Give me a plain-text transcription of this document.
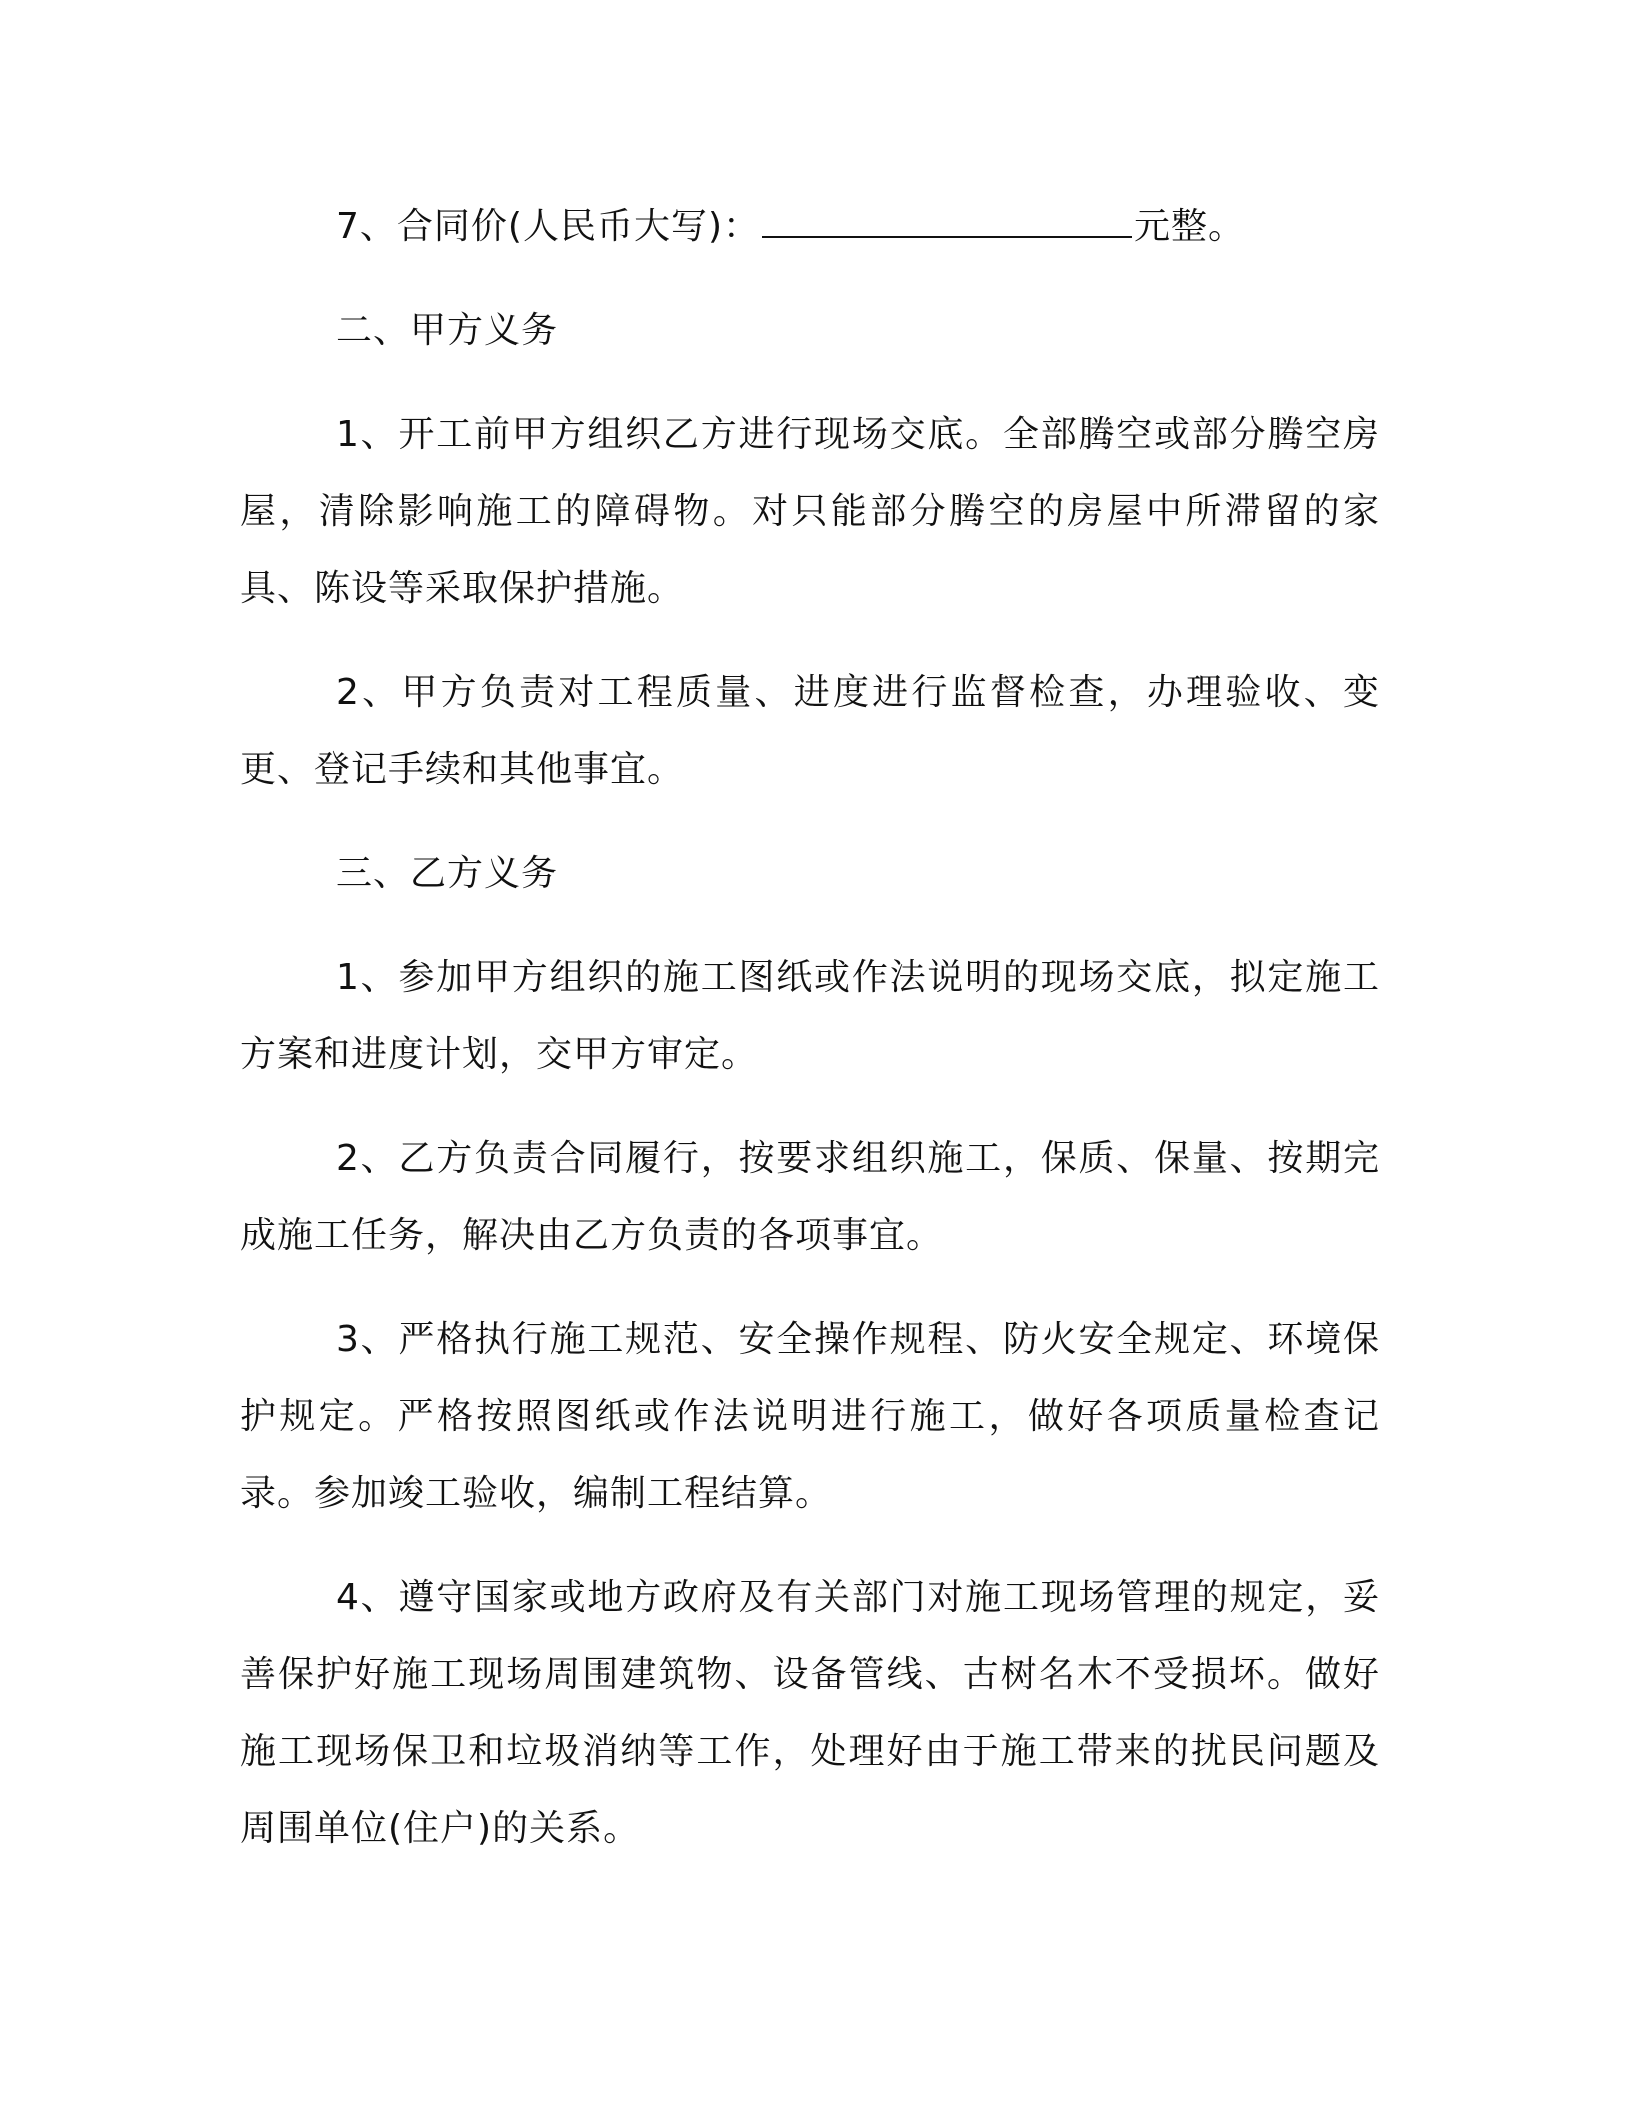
7、合同价(人民币大写)：	元整。

二、甲方义务

1、开工前甲方组织乙方进行现场交底。全部腾空或部分腾空房屋，清除影响施工的障碍物。对只能部分腾空的房屋中所滞留的家具、陈设等采取保护措施。

2、甲方负责对工程质量、进度进行监督检查，办理验收、变更、登记手续和其他事宜。

三、乙方义务

1、参加甲方组织的施工图纸或作法说明的现场交底，拟定施工方案和进度计划，交甲方审定。

2、乙方负责合同履行，按要求组织施工，保质、保量、按期完成施工任务，解决由乙方负责的各项事宜。

3、严格执行施工规范、安全操作规程、防火安全规定、环境保护规定。严格按照图纸或作法说明进行施工，做好各项质量检查记录。参加竣工验收，编制工程结算。

4、遵守国家或地方政府及有关部门对施工现场管理的规定，妥善保护好施工现场周围建筑物、设备管线、古树名木不受损坏。做好施工现场保卫和垃圾消纳等工作，处理好由于施工带来的扰民问题及周围单位(住户)的关系。
